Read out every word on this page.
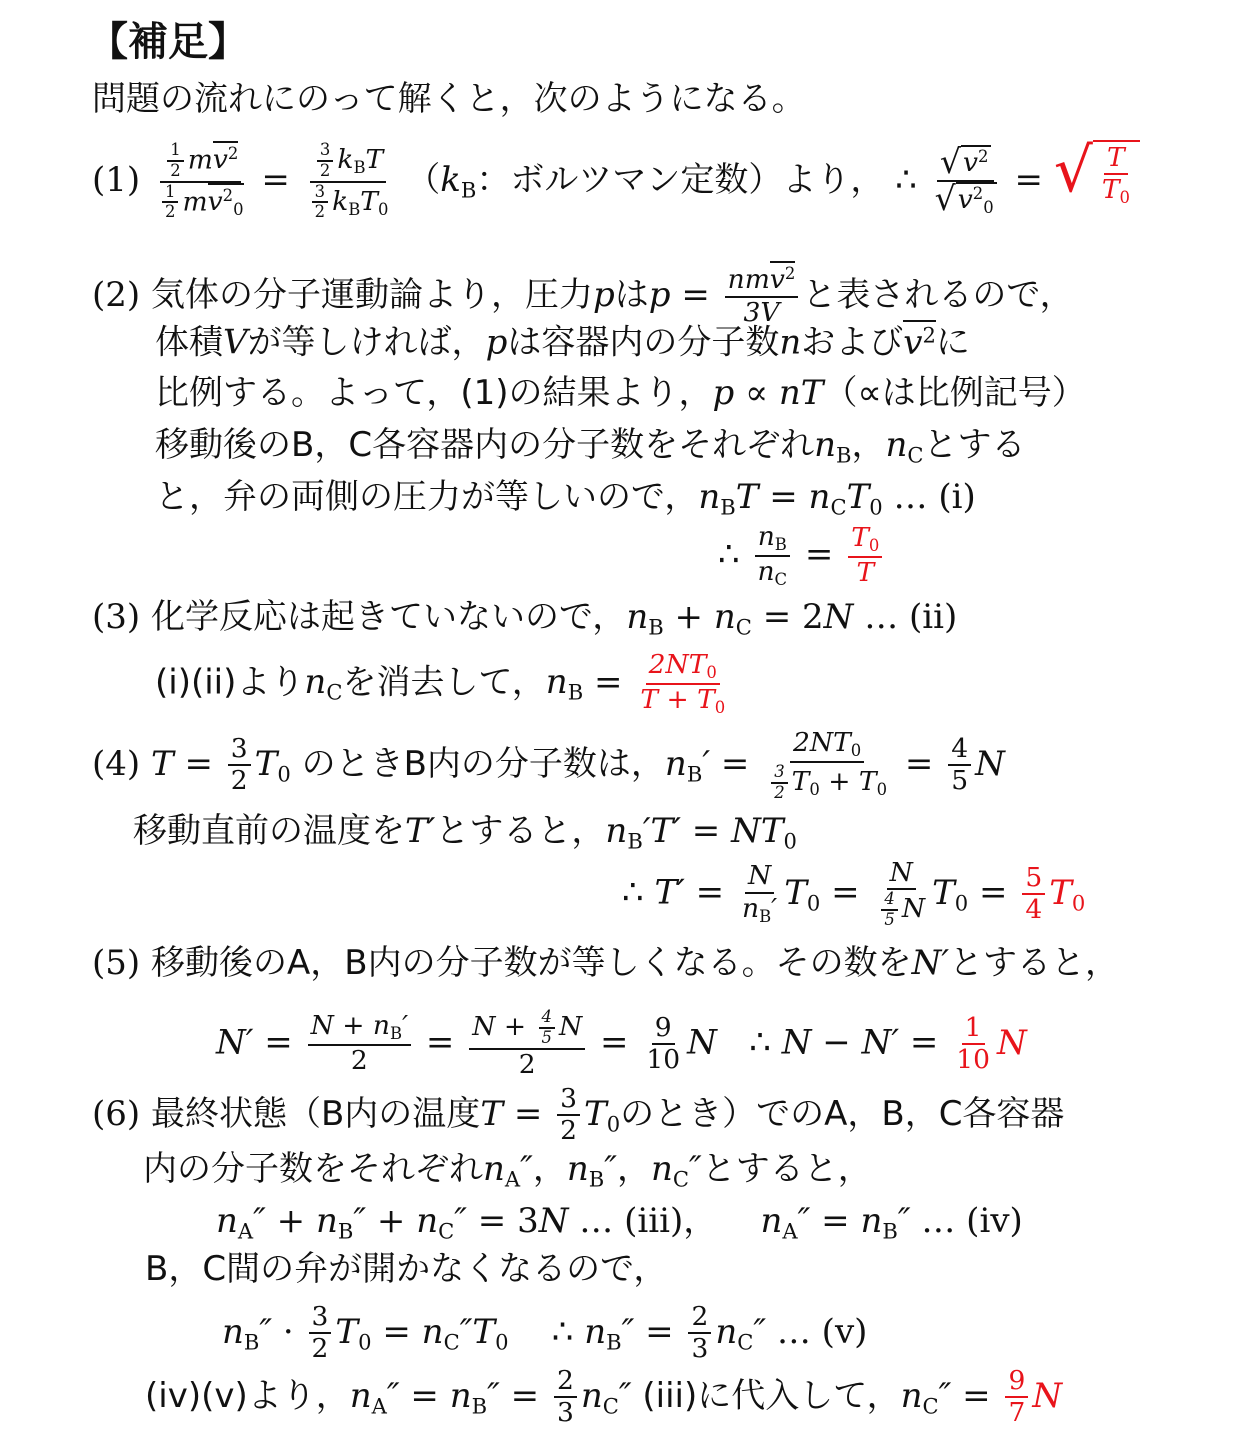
【補足】
問題の流れにのって解くと，次のようになる。
$(1) \frac{\frac{1}{2} mv^2}{\frac{1}{2} mv^2_0} = \frac{\frac{3}{2} k_BT}{\frac{3}{2} k_BT_0} (k_B$：ボルツマン定数）より， ∴ $\frac{√ v^2}{√ v^2_0}$ = √ $\frac{T}{T_0}$
(2) 気体の分子運動論より，圧力pは$p = \frac{nmv^2}{3V}$ と表されるので，
体積Vが等しければ，pは容器内の分子数nおよび$v^2$に
比例する。よって，(1)の結果より，p ∝ nT（∝は比例記号）
移動後のB，C各容器内の分子数をそれぞれ$n_B$，$n_C$とする
と，弁の両側の圧力が等しいので，$n_BT = n_CT_0$ … (i)
∴ $\frac{n_B}{n_C} = \frac{T_0}{T}$
(3) 化学反応は起きていないので，$n_B + n_C = 2N$ … (ii)
(i)(ii)より$n_C$を消去して，$n_B = \frac{2NT_0}{T + T_0}$
(4) $T = \frac{3}{2} T_0$ のときB内の分子数は，$n_B' = \frac{2NT_0}{\frac{3}{2} T_0 + T_0} = \frac{4}{5}$ N
移動直前の温度をT′とすると，$n_B'T' = NT_0$
∴ $T' = \frac{N}{n_B'} T_0 = \frac{N}{\frac{4}{5} N} T_0 = \frac{5}{4} T_0$
(5) 移動後のA，B内の分子数が等しくなる。その数をN′とすると，
$N' = \frac{N + n_B'}{2} = \frac{N + \frac{4}{5} N}{2} = \frac{9}{10}$ N ∴ $N - N' = \frac{1}{10}$ N
(6) 最終状態（B内の温度$T = \frac{3}{2} T_0$のとき）でのA，B，C各容器
内の分子数をそれぞれ$n_A''$，$n_B''$，$n_C''$とすると，
$n_A'' + n_B'' + n_C'' = 3N$ … (iii)， $n_A'' = n_B''$ … (iv)
B，C間の弁が開かなくなるので，
$n_B'' \cdot \frac{3}{2} T_0 = n_C''T_0$ ∴ $n_B'' = \frac{2}{3} n_C''$ … (v)
(iv)(v)より，$n_A'' = n_B'' = \frac{2}{3} n_C''$ (iii)に代入して，$n_C'' = \frac{9}{7}$ N
